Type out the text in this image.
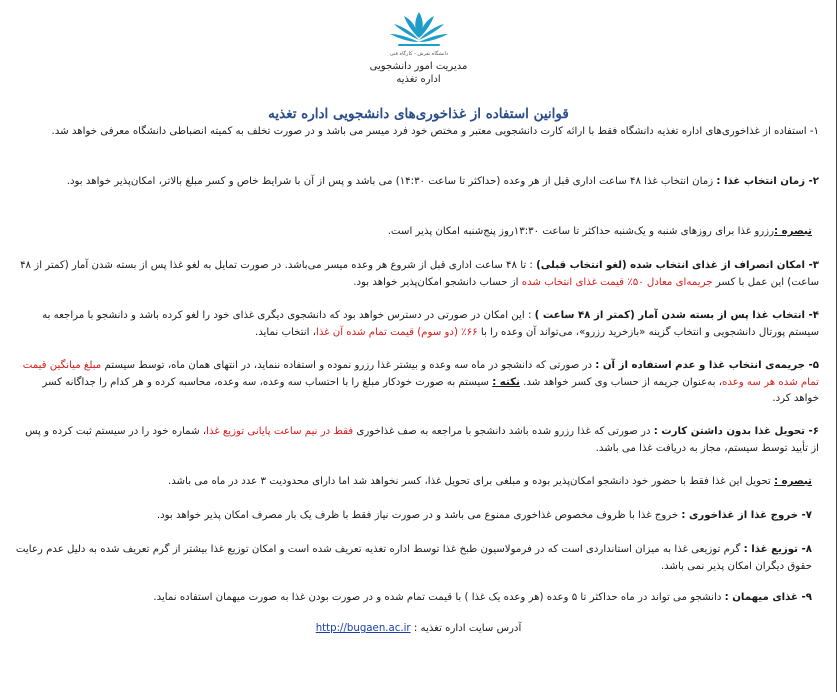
دانشگاه تفرش - کارگاه فنی
مدیریت امور دانشجویی
اداره تغذیه
قوانین استفاده از غذاخوری‌های دانشجویی اداره تغذیه
۱- استفاده از غذاخوری‌های اداره تغذیه دانشگاه فقط با ارائه کارت دانشجویی معتبر و مختص خود فرد میسر می باشد و در صورت تخلف به کمیته انضباطی دانشگاه معرفی خواهد شد.
۲- زمان انتخاب غذا : زمان انتخاب غذا ۴۸ ساعت اداری قبل از هر وعده (حداکثر تا ساعت ۱۴:۳۰) می باشد و پس از آن با شرایط خاص و کسر مبلغ بالاتر، امکان‌پذیر خواهد بود.
تبصره :رزرو غذا برای روزهای شنبه و یک‌شنبه حداکثر تا ساعت ۱۳:۳۰روز پنج‌شنبه امکان پذیر است.
۳- امکان انصراف از غذای انتخاب شده (لغو انتخاب قبلی) : تا ۴۸ ساعت اداری قبل از شروع هر وعده میسر می‌باشد. در صورت تمایل به لغو غذا پس از بسته شدن آمار (کمتر از ۴۸ ساعت) این عمل با کسر جریمه‌ای معادل ۵۰٪ قیمت غذای انتخاب شده از حساب دانشجو امکان‌پذیر خواهد بود.
۴- انتخاب غذا پس از بسته شدن آمار (کمتر از ۴۸ ساعت ) : این امکان در صورتی در دسترس خواهد بود که دانشجوی دیگری غذای خود را لغو کرده باشد و دانشجو با مراجعه به سیستم پورتال دانشجویی و انتخاب گزینه «بازخرید رزرو»، می‌تواند آن وعده را با ۶۶٪ (دو سوم) قیمت تمام شده آن غذا، انتخاب نماید.
۵- جریمه‌ی انتخاب غذا و عدم استفاده از آن : در صورتی که دانشجو در ماه سه وعده و بیشتر غذا رزرو نموده و استفاده ننماید، در انتهای همان ماه، توسط سیستم مبلغ میانگین قیمت تمام شده هر سه وعده، به‌عنوان جریمه از حساب وی کسر خواهد شد. نکته : سیستم به صورت خودکار مبلغ را با احتساب سه وعده، سه وعده، محاسبه کرده و هر کدام را جداگانه کسر خواهد کرد.
۶- تحویل غذا بدون داشتن کارت : در صورتی که غذا رزرو شده باشد دانشجو با مراجعه به صف غذاخوری فقط در نیم ساعت پایانی توزیع غذا، شماره خود را در سیستم ثبت کرده و پس از تأیید توسط سیستم، مجاز به دریافت غذا می باشد.
تبصره : تحویل این غذا فقط با حضور خود دانشجو امکان‌پذیر بوده و مبلغی برای تحویل غذا، کسر نخواهد شد اما دارای محدودیت ۳ عدد در ماه می باشد.
۷- خروج غذا از غذاخوری : خروج غذا با ظروف مخصوص غذاخوری ممنوع می باشد و در صورت نیاز فقط با ظرف یک بار مصرف امکان پذیر خواهد بود.
۸- توزیع غذا : گرم توزیعی غذا به میزان استانداردی است که در فرمولاسیون طبخ غذا توسط اداره تغذیه تعریف شده است و امکان توزیع غذا بیشتر از گرم تعریف شده به دلیل عدم رعایت حقوق دیگران امکان پذیر نمی باشد.
۹- غذای میهمان : دانشجو می تواند در ماه حداکثر تا ۵ وعده (هر وعده یک غذا ) با قیمت تمام شده و در صورت بودن غذا به صورت میهمان استفاده نماید.
آدرس سایت اداره تغذیه : http://bugaen.ac.ir
